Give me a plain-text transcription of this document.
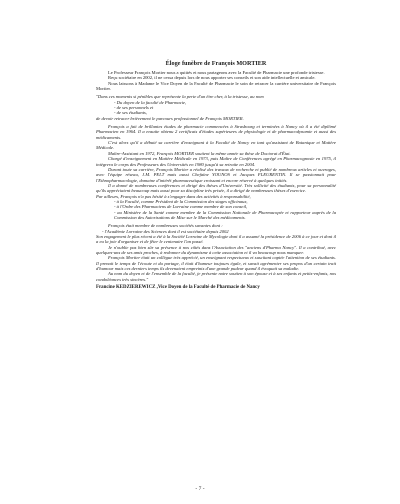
Éloge funèbre de François MORTIER

Le Professeur François Mortier nous a quittés et nous partageons avec la Faculté de Pharmacie une profonde tristesse.

Reçu sociétaire en 2002, il ne cessa depuis lors de nous apporter ses conseils et son aide intellectuelle et amicale.

Nous laissons à Madame le Vice Doyen de la Faculté de Pharmacie le soin de retracer la carrière universitaire de François Mortier.

"Dans ces moments si pénibles que représente la perte d'un être cher, à la tristesse, au nom

- Du doyen de la faculté de Pharmacie,

- de ses personnels et

- de ses étudiants,

de devoir retracer brièvement le parcours professionnel de François MORTIER.

François a fait de brillantes études de pharmacie commencées à Strasbourg et terminées à Nancy où il a été diplômé Pharmacien en 1964. Il a ensuite obtenu 2 certificats d'études supérieures de physiologie et de pharmacodynamie et aussi des médicaments.

C'est alors qu'il a débuté sa carrière d'enseignant à la Faculté de Nancy en tant qu'assistant de Botanique et Matière Médicale.

Maître-Assistant en 1972, François MORTIER soutient la même année sa thèse de Doctorat d'État.

Chargé d'enseignement en Matière Médicale en 1973, puis Maître de Conférences agrégé en Pharmacognosie en 1975, il intègrera le corps des Professeurs des Universités en 1980 jusqu'à sa retraite en 2004.

Durant toute sa carrière, François Mortier a réalisé des travaux de recherche et publié de nombreux articles et ouvrages, avec l'équipe réseau, J.M. PELT mais aussi Chefaïne YOUNOS et Jacques FLEURENTIN. Il se passionnait pour l'Ethnopharmacologie, domaine d'intérêt pharmaceutique croissant et encore réservé à quelques initiés.

Il a donné de nombreuses conférences et dirigé des thèses d'Université. Très sollicité des étudiants, pour sa personnalité qu'ils appréciaient beaucoup mais aussi pour sa discipline très prisée, il a dirigé de nombreuses thèses d'exercice.

Par ailleurs, François n'a pas hésité à s'engager dans des activités à responsabilité,

- à la Faculté, comme Président de la Commission des stages officinaux,

- à l'Ordre des Pharmaciens de Lorraine comme membre de son conseil,

- au Ministère de la Santé comme membre de la Commission Nationale de Pharmacopée et rapporteur auprès de la Commission des Autorisations de Mise sur le Marché des médicaments.

François était membre de nombreuses sociétés savantes dont :

- l'Académie Lorraine des Sciences dont il est sociétaire depuis 2002

Son engagement le plus récent a été à la Société Lorraine de Mycologie dont il a assumé la présidence de 2006 à ce jour et dont il a eu la joie d'organiser et de fêter le centenaire l'an passé.

Je n'oublie pas bien sûr sa présence à nos côtés dans l'Association des "anciens d'Pharma Nancy". Il a contribué, avec quelques-uns de ses amis proches, à redonner du dynamisme à cette association et il va beaucoup nous manquer.

François Mortier était un collègue très apprécié, un enseignant respectueux et suscitant captée l'attention de ses étudiants. Il prenait le temps de l'écoute et du partage, il était d'humeur toujours égale, et savait agrémenter ses propos d'un certain trait d'humour mais ces derniers temps ils devenaient empreints d'une grande pudeur quand il évoquait sa maladie.

Au nom du doyen et de l'ensemble de la faculté, je présente notre soutien à son épouse et à ses enfants et petits-enfants, nos condoléances très sincères."

Francine KEDZIEREWICZ ,Vice Doyen de la Faculté de Pharmacie de Nancy

- 7 -
